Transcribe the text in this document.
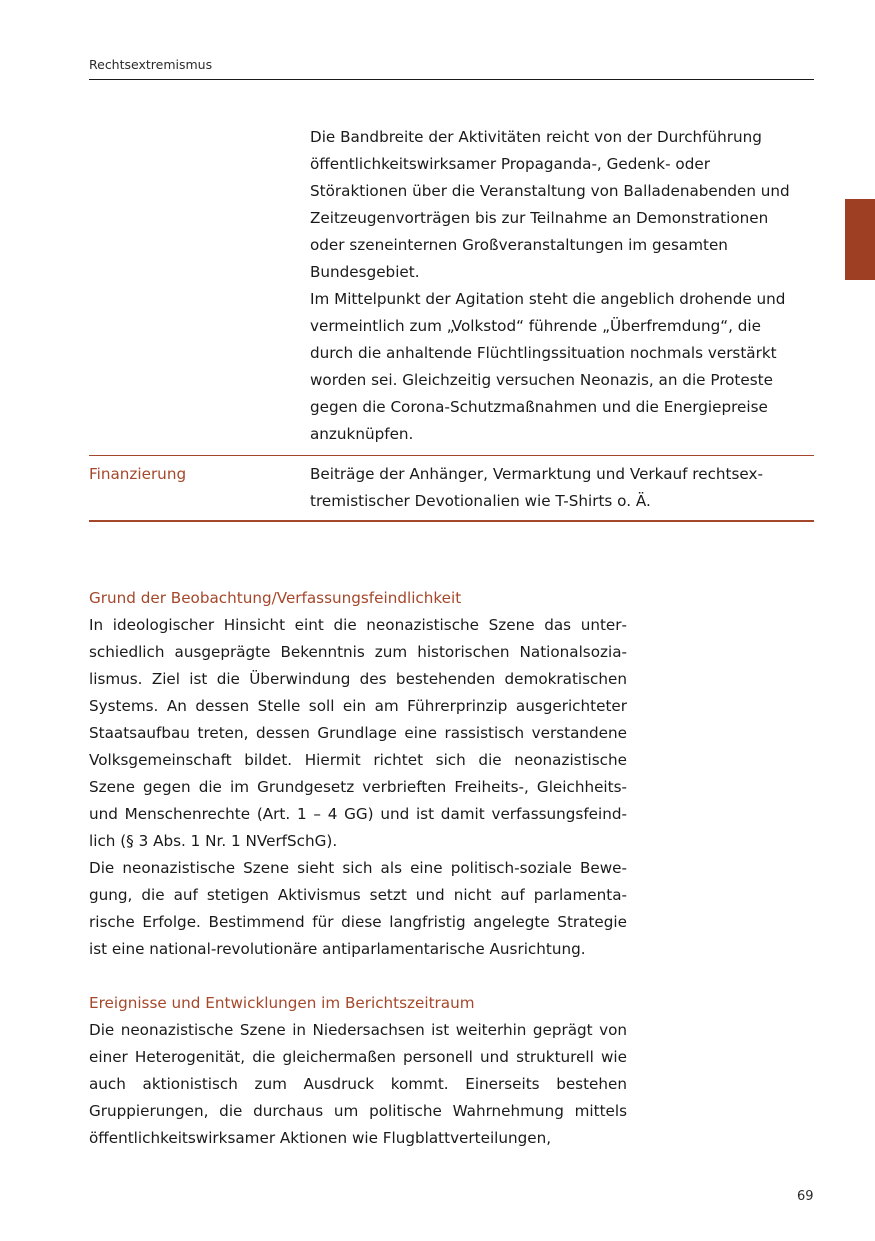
Rechtsextremismus

Die Bandbreite der Aktivitäten reicht von der Durchführung öffentlichkeitswirksamer Propaganda-, Gedenk- oder Störaktionen über die Veranstaltung von Balladenabenden und Zeitzeugenvorträgen bis zur Teilnahme an Demonstrationen oder szeneinternen Großveranstaltungen im gesamten Bundesgebiet.

Im Mittelpunkt der Agitation steht die angeblich drohende und vermeintlich zum „Volkstod“ führende „Überfremdung“, die durch die anhaltende Flüchtlingssituation nochmals verstärkt worden sei. Gleichzeitig versuchen Neonazis, an die Proteste gegen die Corona-Schutzmaßnahmen und die Energiepreise anzuknüpfen.

Finanzierung	Beiträge der Anhänger, Vermarktung und Verkauf rechtsextremistischer Devotionalien wie T-Shirts o. Ä.

Grund der Beobachtung/Verfassungsfeindlichkeit

In ideologischer Hinsicht eint die neonazistische Szene das unterschiedlich ausgeprägte Bekenntnis zum historischen Nationalsozialismus. Ziel ist die Überwindung des bestehenden demokratischen Systems. An dessen Stelle soll ein am Führerprinzip ausgerichteter Staatsaufbau treten, dessen Grundlage eine rassistisch verstandene Volksgemeinschaft bildet. Hiermit richtet sich die neonazistische Szene gegen die im Grundgesetz verbrieften Freiheits-, Gleichheits- und Menschenrechte (Art. 1 – 4 GG) und ist damit verfassungsfeindlich (§ 3 Abs. 1 Nr. 1 NVerfSchG).

Die neonazistische Szene sieht sich als eine politisch-soziale Bewegung, die auf stetigen Aktivismus setzt und nicht auf parlamentarische Erfolge. Bestimmend für diese langfristig angelegte Strategie ist eine national-revolutionäre antiparlamentarische Ausrichtung.

Ereignisse und Entwicklungen im Berichtszeitraum

Die neonazistische Szene in Niedersachsen ist weiterhin geprägt von einer Heterogenität, die gleichermaßen personell und strukturell wie auch aktionistisch zum Ausdruck kommt. Einerseits bestehen Gruppierungen, die durchaus um politische Wahrnehmung mittels öffentlichkeitswirksamer Aktionen wie Flugblattverteilungen,

69
